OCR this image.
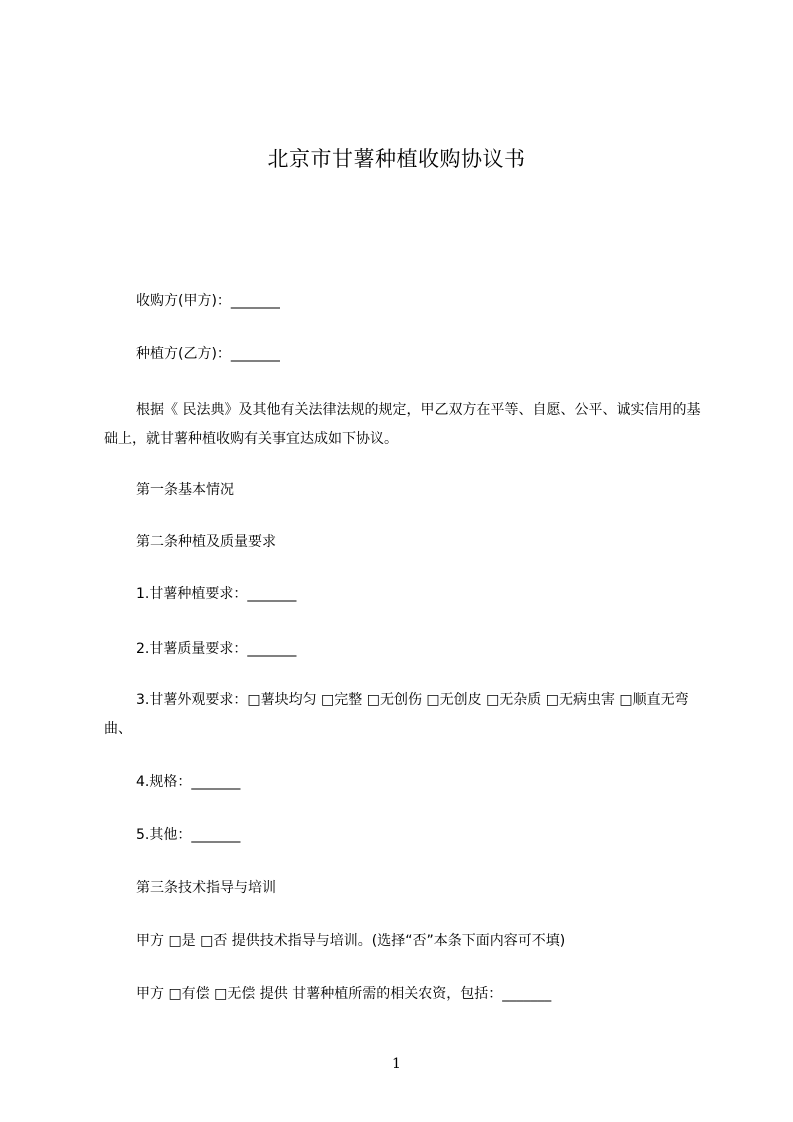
北京市甘薯种植收购协议书
收购方(甲方)：_______
种植方(乙方)：_______
根据《 民法典》及其他有关法律法规的规定，甲乙双方在平等、自愿、公平、诚实信用的基础上，就甘薯种植收购有关事宜达成如下协议。
第一条基本情况
第二条种植及质量要求
1.甘薯种植要求：_______
2.甘薯质量要求：_______
3.甘薯外观要求：□薯块均匀 □完整 □无创伤 □无创皮 □无杂质 □无病虫害 □顺直无弯曲、
4.规格：_______
5.其他：_______
第三条技术指导与培训
甲方 □是 □否 提供技术指导与培训。(选择“否”本条下面内容可不填)
甲方 □有偿 □无偿 提供 甘薯种植所需的相关农资，包括：_______
1
